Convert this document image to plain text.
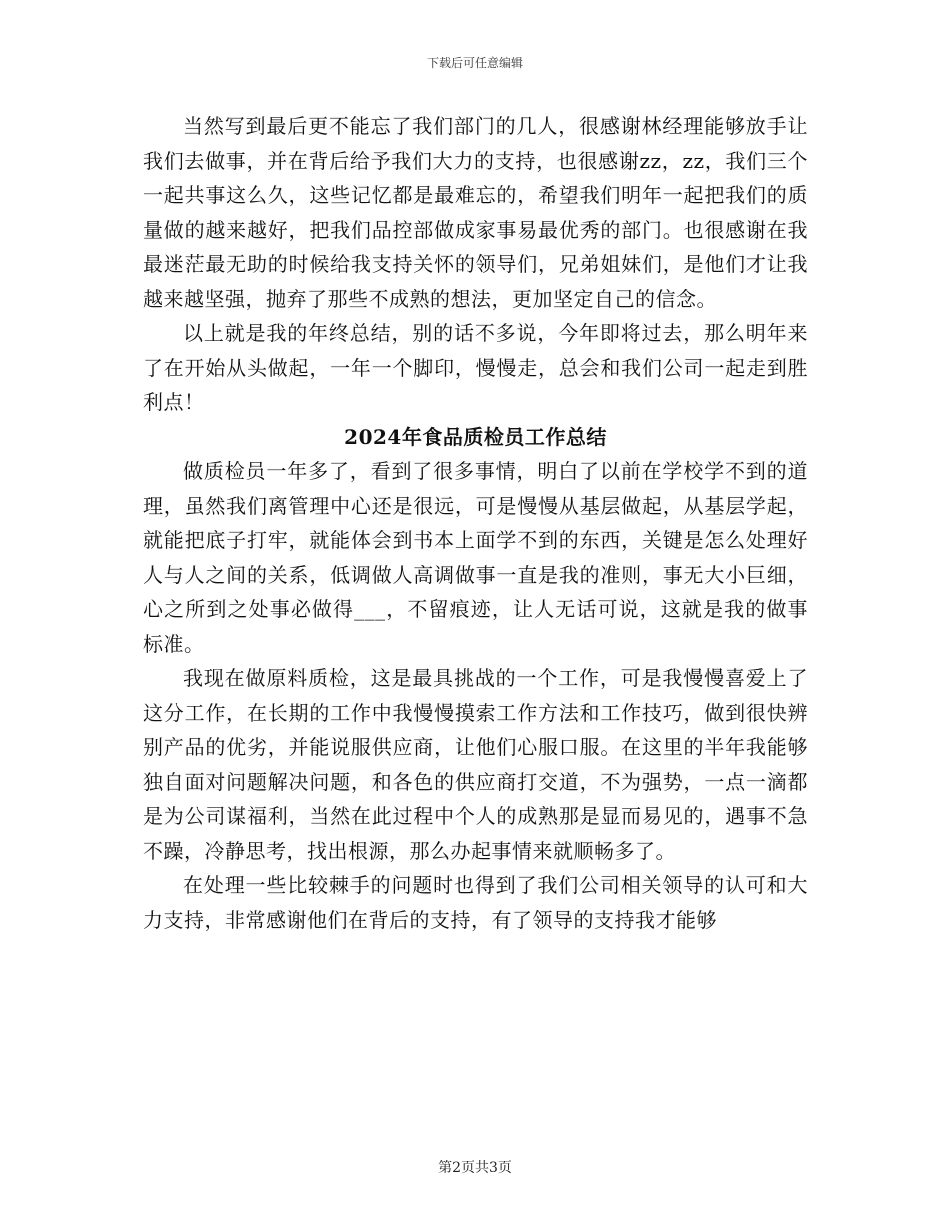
下载后可任意编辑

当然写到最后更不能忘了我们部门的几人，很感谢林经理能够放手让我们去做事，并在背后给予我们大力的支持，也很感谢zz，zz，我们三个一起共事这么久，这些记忆都是最难忘的，希望我们明年一起把我们的质量做的越来越好，把我们品控部做成家事易最优秀的部门。也很感谢在我最迷茫最无助的时候给我支持关怀的领导们，兄弟姐妹们，是他们才让我越来越坚强，抛弃了那些不成熟的想法，更加坚定自己的信念。

以上就是我的年终总结，别的话不多说，今年即将过去，那么明年来了在开始从头做起，一年一个脚印，慢慢走，总会和我们公司一起走到胜利点！

2024年食品质检员工作总结

做质检员一年多了，看到了很多事情，明白了以前在学校学不到的道理，虽然我们离管理中心还是很远，可是慢慢从基层做起，从基层学起，就能把底子打牢，就能体会到书本上面学不到的东西，关键是怎么处理好人与人之间的关系，低调做人高调做事一直是我的准则，事无大小巨细，心之所到之处事必做得___，不留痕迹，让人无话可说，这就是我的做事标准。

我现在做原料质检，这是最具挑战的一个工作，可是我慢慢喜爱上了这分工作，在长期的工作中我慢慢摸索工作方法和工作技巧，做到很快辨别产品的优劣，并能说服供应商，让他们心服口服。在这里的半年我能够独自面对问题解决问题，和各色的供应商打交道，不为强势，一点一滴都是为公司谋福利，当然在此过程中个人的成熟那是显而易见的，遇事不急不躁，冷静思考，找出根源，那么办起事情来就顺畅多了。

在处理一些比较棘手的问题时也得到了我们公司相关领导的认可和大力支持，非常感谢他们在背后的支持，有了领导的支持我才能够

第2页共3页
